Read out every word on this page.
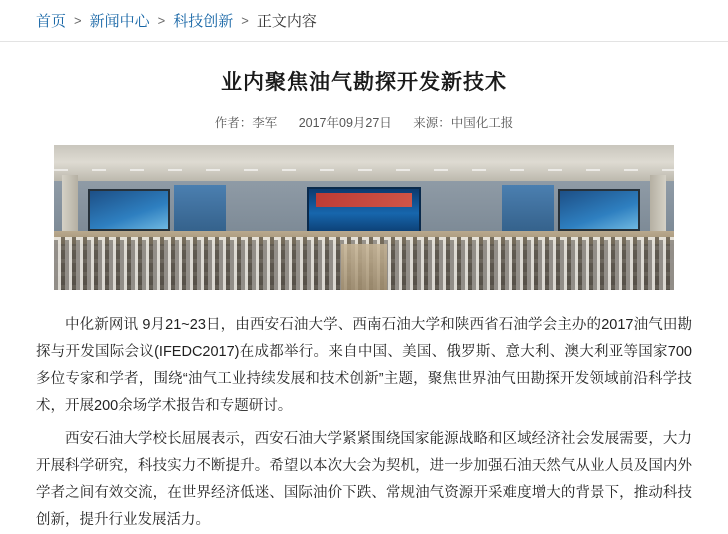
首页 > 新闻中心 > 科技创新 > 正文内容
业内聚焦油气勘探开发新技术
作者：李军 2017年09月27日 来源：中国化工报

中化新网讯 9月21~23日，由西安石油大学、西南石油大学和陕西省石油学会主办的2017油气田勘探与开发国际会议(IFEDC2017)在成都举行。来自中国、美国、俄罗斯、意大利、澳大利亚等国家700多位专家和学者，围绕“油气工业持续发展和技术创新”主题，聚焦世界油气田勘探开发领域前沿科学技术，开展200余场学术报告和专题研讨。

西安石油大学校长屈展表示，西安石油大学紧紧围绕国家能源战略和区域经济社会发展需要，大力开展科学研究，科技实力不断提升。希望以本次大会为契机，进一步加强石油天然气从业人员及国内外学者之间有效交流，在世界经济低迷、国际油价下跌、常规油气资源开采难度增大的背景下，推动科技创新，提升行业发展活力。
